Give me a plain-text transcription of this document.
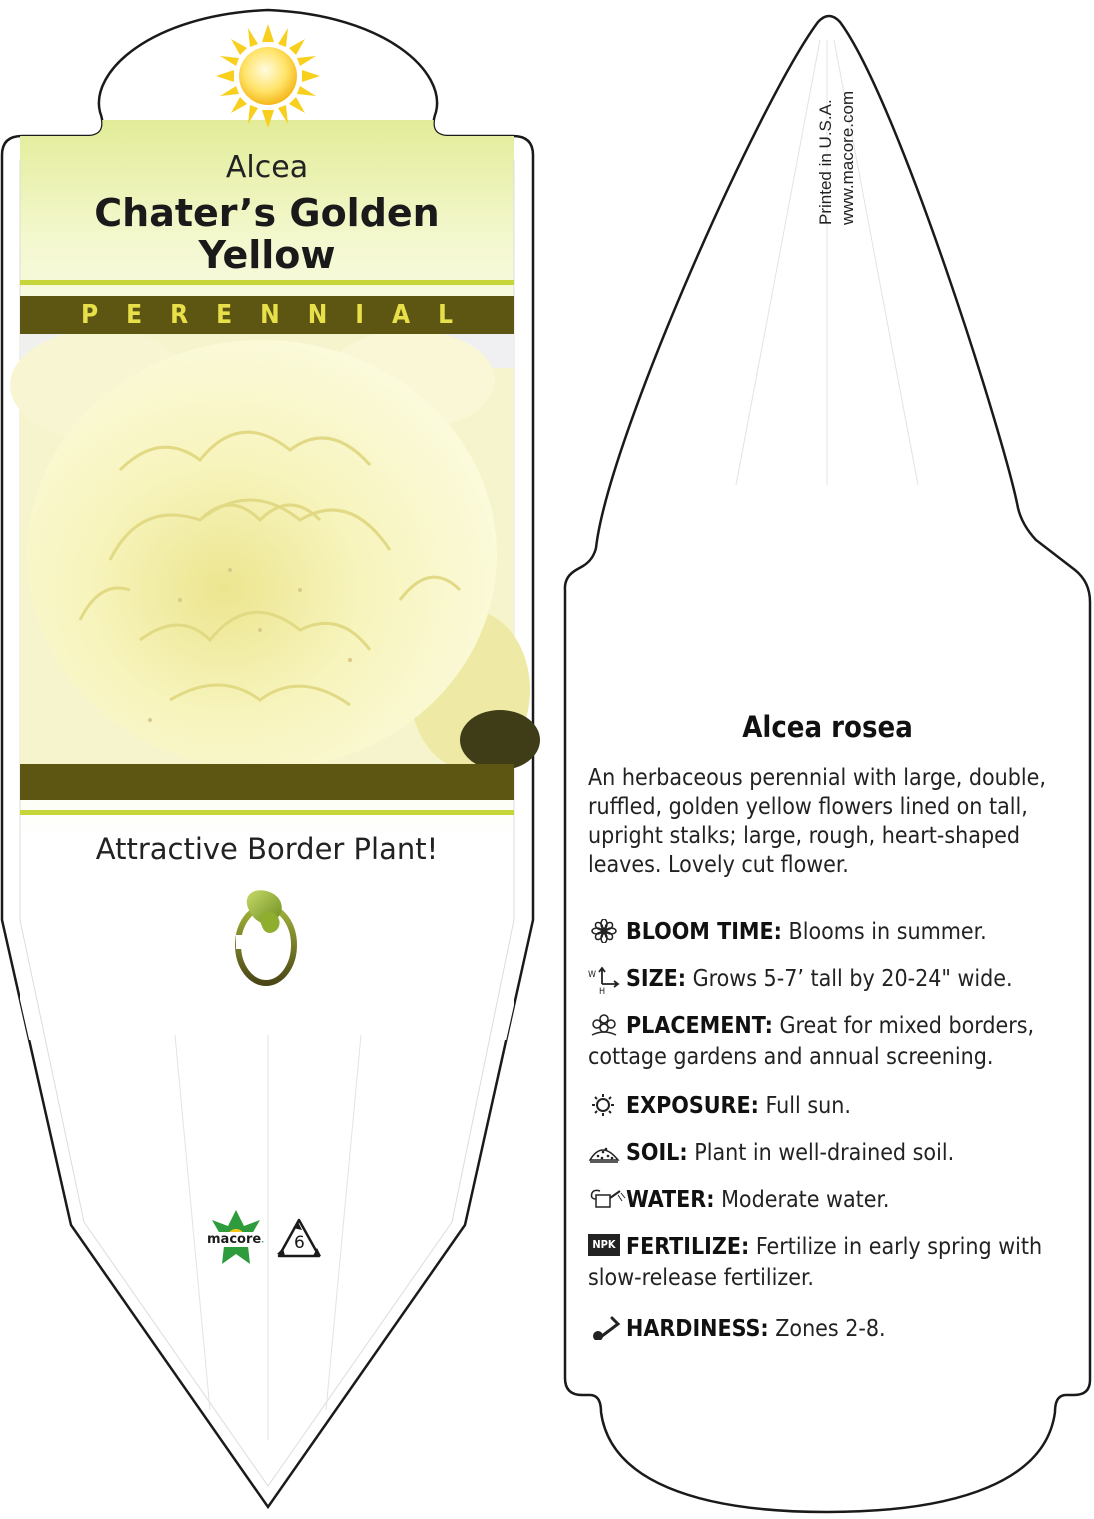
Alcea
Chater’s Golden
Yellow
PERENNIAL
Attractive Border Plant!
macore 6
Printed in U.S.A. www.macore.com
Alcea rosea
An herbaceous perennial with large, double, ruffled, golden yellow flowers lined on tall, upright stalks; large, rough, heart-shaped leaves. Lovely cut flower.
BLOOM TIME: Blooms in summer.
W
H SIZE: Grows 5-7’ tall by 20-24" wide.
PLACEMENT: Great for mixed borders, cottage gardens and annual screening.
EXPOSURE: Full sun.
SOIL: Plant in well-drained soil.
WATER: Moderate water.
NPK FERTILIZE: Fertilize in early spring with slow-release fertilizer.
HARDINESS: Zones 2-8.
